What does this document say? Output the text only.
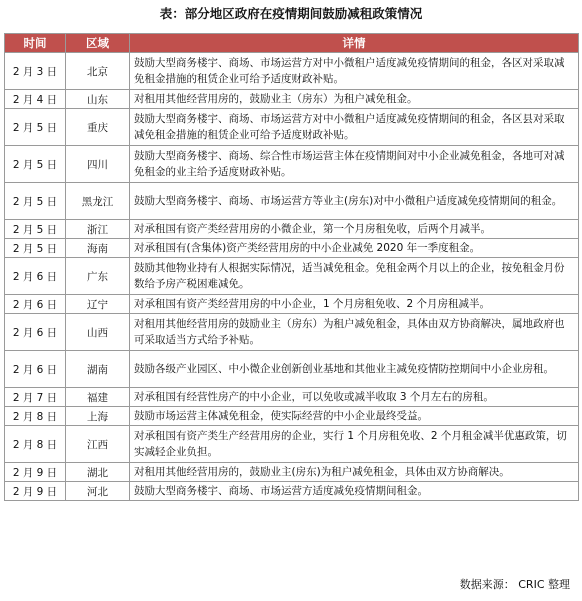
表：部分地区政府在疫情期间鼓励减租政策情况
时间	区域	详情
2 月 3 日	北京	鼓励大型商务楼宇、商场、市场运营方对中小微租户适度减免疫情期间的租金，各区对采取减免租金措施的租赁企业可给予适度财政补贴。
2 月 4 日	山东	对租用其他经营用房的，鼓励业主（房东）为租户减免租金。
2 月 5 日	重庆	鼓励大型商务楼宇、商场、市场运营方对中小微租户适度减免疫情期间的租金，各区县对采取减免租金措施的租赁企业可给予适度财政补贴。
2 月 5 日	四川	鼓励大型商务楼宇、商场、综合性市场运营主体在疫情期间对中小企业减免租金，各地可对减免租金的业主给予适度财政补贴。
2 月 5 日	黑龙江	鼓励大型商务楼宇、商场、市场运营方等业主(房东)对中小微租户适度减免疫情期间的租金。
2 月 5 日	浙江	对承租国有资产类经营用房的小微企业，第一个月房租免收，后两个月减半。
2 月 5 日	海南	对承租国有(含集体)资产类经营用房的中小企业减免 2020 年一季度租金。
2 月 6 日	广东	鼓励其他物业持有人根据实际情况，适当减免租金。免租金两个月以上的企业，按免租金月份数给予房产税困难减免。
2 月 6 日	辽宁	对承租国有资产类经营用房的中小企业，1 个月房租免收、2 个月房租减半。
2 月 6 日	山西	对租用其他经营用房的鼓励业主（房东）为租户减免租金，具体由双方协商解决，属地政府也可采取适当方式给予补贴。
2 月 6 日	湖南	鼓励各级产业园区、中小微企业创新创业基地和其他业主减免疫情防控期间中小企业房租。
2 月 7 日	福建	对承租国有经营性房产的中小企业，可以免收或减半收取 3 个月左右的房租。
2 月 8 日	上海	鼓励市场运营主体减免租金，使实际经营的中小企业最终受益。
2 月 8 日	江西	对承租国有资产类生产经营用房的企业，实行 1 个月房租免收、2 个月租金减半优惠政策，切实减轻企业负担。
2 月 9 日	湖北	对租用其他经营用房的，鼓励业主(房东)为租户减免租金，具体由双方协商解决。
2 月 9 日	河北	鼓励大型商务楼宇、商场、市场运营方适度减免疫情期间租金。
数据来源： CRIC 整理
